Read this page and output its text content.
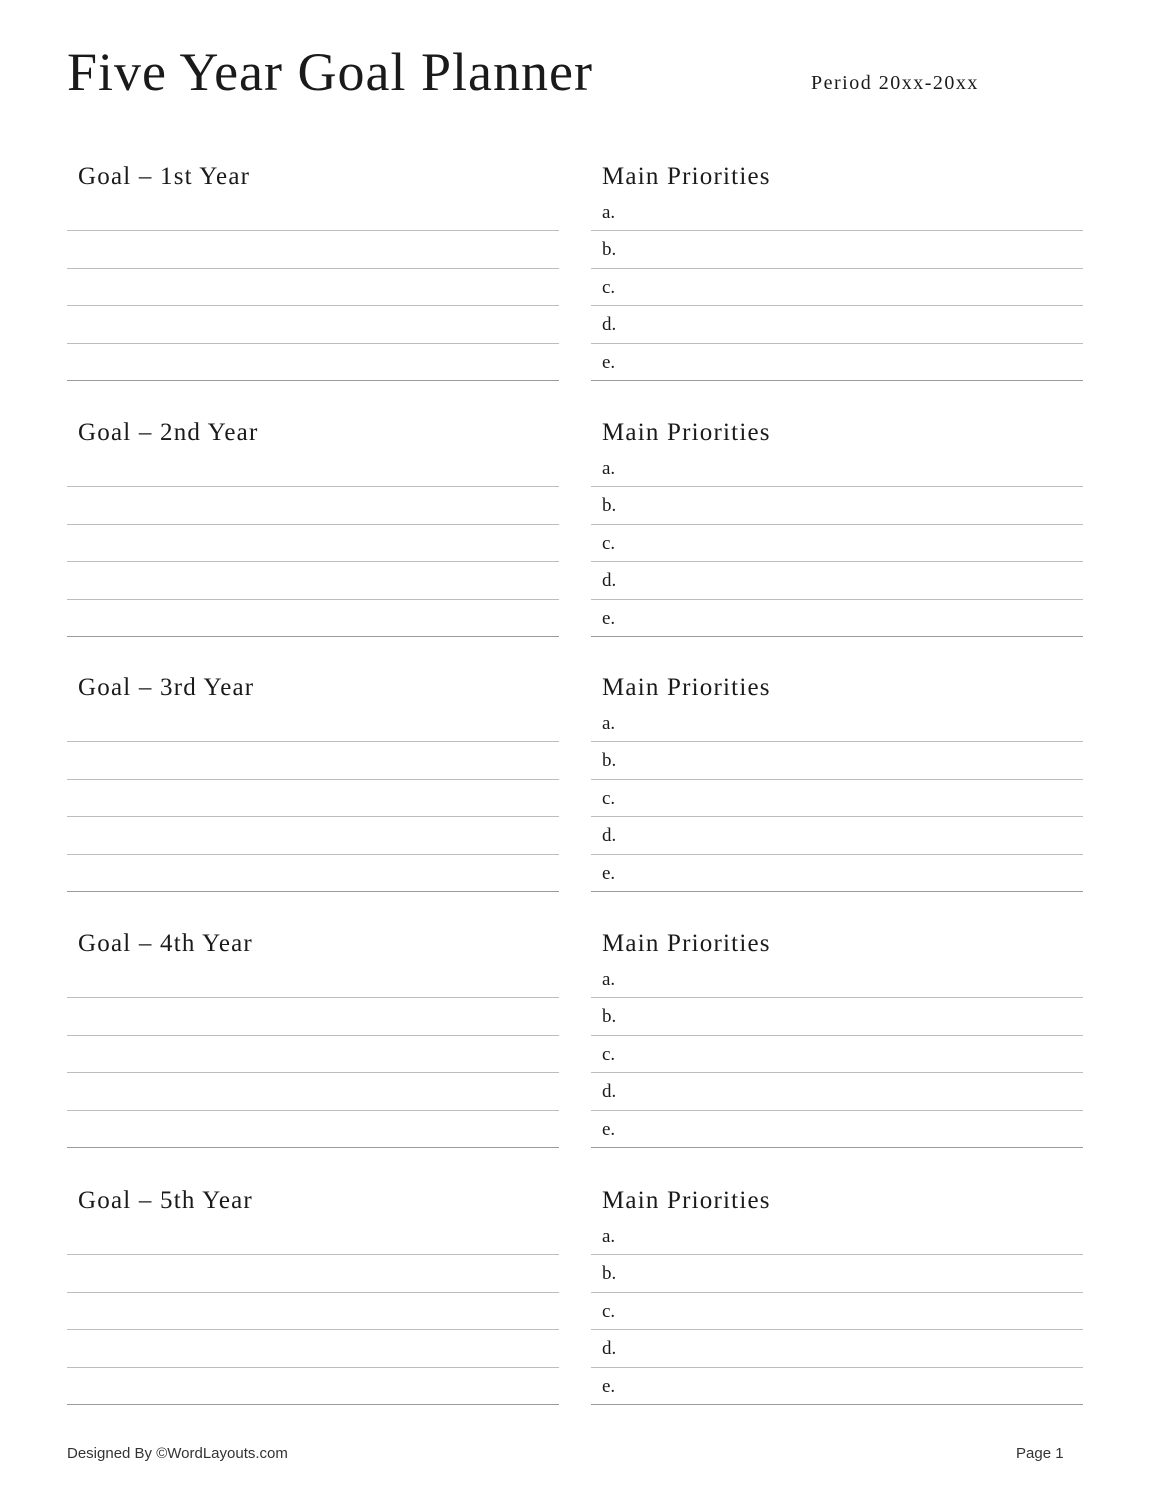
Five Year Goal Planner	Period 20xx-20xx
Goal – 1st Year	Main Priorities
a.
b.
c.
d.
e.
Goal – 2nd Year	Main Priorities
a.
b.
c.
d.
e.
Goal – 3rd Year	Main Priorities
a.
b.
c.
d.
e.
Goal – 4th Year	Main Priorities
a.
b.
c.
d.
e.
Goal – 5th Year	Main Priorities
a.
b.
c.
d.
e.
Designed By ©WordLayouts.com	Page 1
